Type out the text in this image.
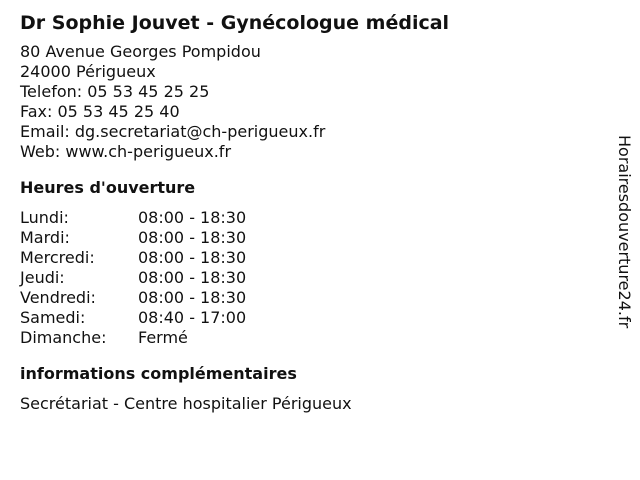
Dr Sophie Jouvet - Gynécologue médical
80 Avenue Georges Pompidou
24000 Périgueux
Telefon: 05 53 45 25 25
Fax: 05 53 45 25 40
Email: dg.secretariat@ch-perigueux.fr
Web: www.ch-perigueux.fr
Heures d'ouverture
Lundi:	08:00 - 18:30
Mardi:	08:00 - 18:30
Mercredi:	08:00 - 18:30
Jeudi:	08:00 - 18:30
Vendredi:	08:00 - 18:30
Samedi:	08:40 - 17:00
Dimanche:	Fermé
informations complémentaires
Secrétariat - Centre hospitalier Périgueux
Horairesdouverture24.fr
